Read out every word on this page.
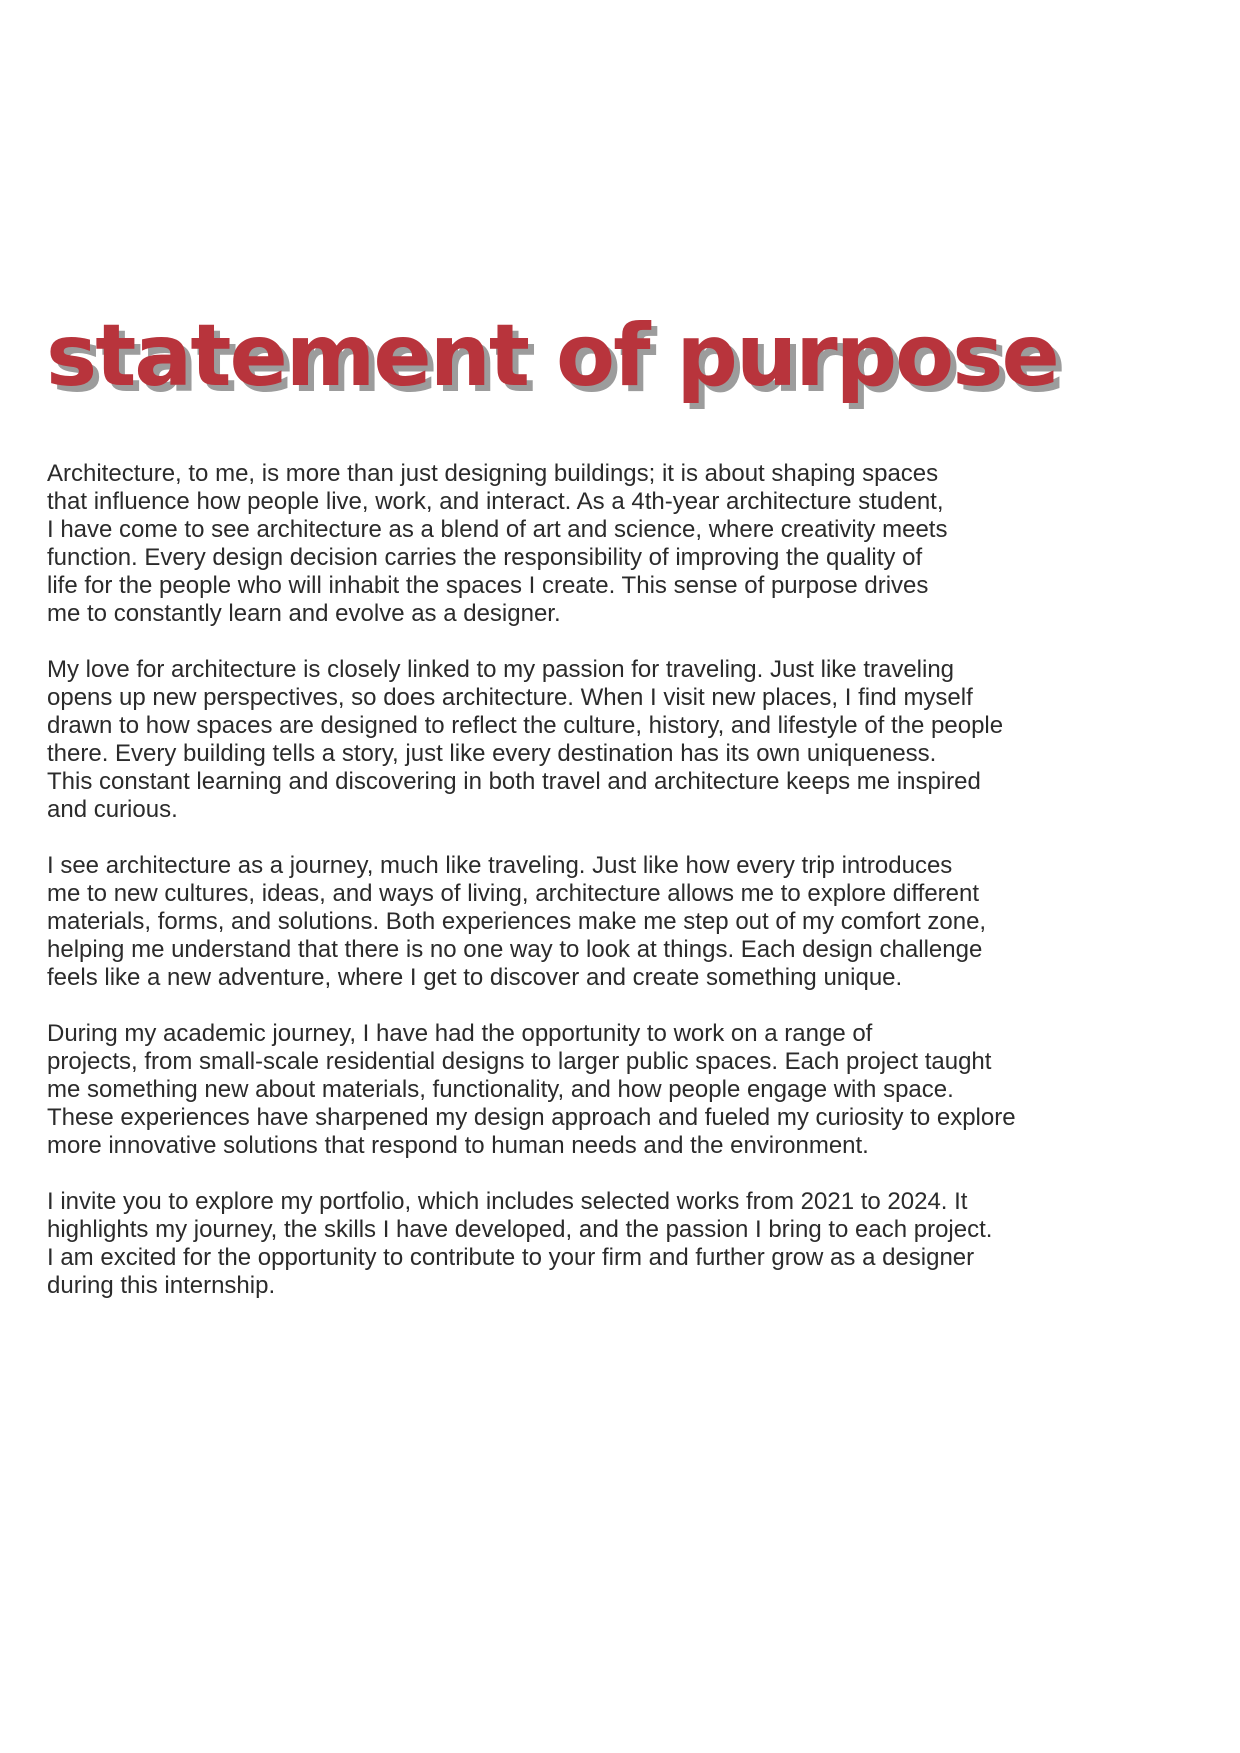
statement of purpose

Architecture, to me, is more than just designing buildings; it is about shaping spaces
that influence how people live, work, and interact. As a 4th-year architecture student,
I have come to see architecture as a blend of art and science, where creativity meets
function. Every design decision carries the responsibility of improving the quality of
life for the people who will inhabit the spaces I create. This sense of purpose drives
me to constantly learn and evolve as a designer.

My love for architecture is closely linked to my passion for traveling. Just like traveling
opens up new perspectives, so does architecture. When I visit new places, I find myself
drawn to how spaces are designed to reflect the culture, history, and lifestyle of the people
there. Every building tells a story, just like every destination has its own uniqueness.
This constant learning and discovering in both travel and architecture keeps me inspired
and curious.

I see architecture as a journey, much like traveling. Just like how every trip introduces
me to new cultures, ideas, and ways of living, architecture allows me to explore different
materials, forms, and solutions. Both experiences make me step out of my comfort zone,
helping me understand that there is no one way to look at things. Each design challenge
feels like a new adventure, where I get to discover and create something unique.

During my academic journey, I have had the opportunity to work on a range of
projects, from small-scale residential designs to larger public spaces. Each project taught
me something new about materials, functionality, and how people engage with space.
These experiences have sharpened my design approach and fueled my curiosity to explore
more innovative solutions that respond to human needs and the environment.

I invite you to explore my portfolio, which includes selected works from 2021 to 2024. It
highlights my journey, the skills I have developed, and the passion I bring to each project.
I am excited for the opportunity to contribute to your firm and further grow as a designer
during this internship.
